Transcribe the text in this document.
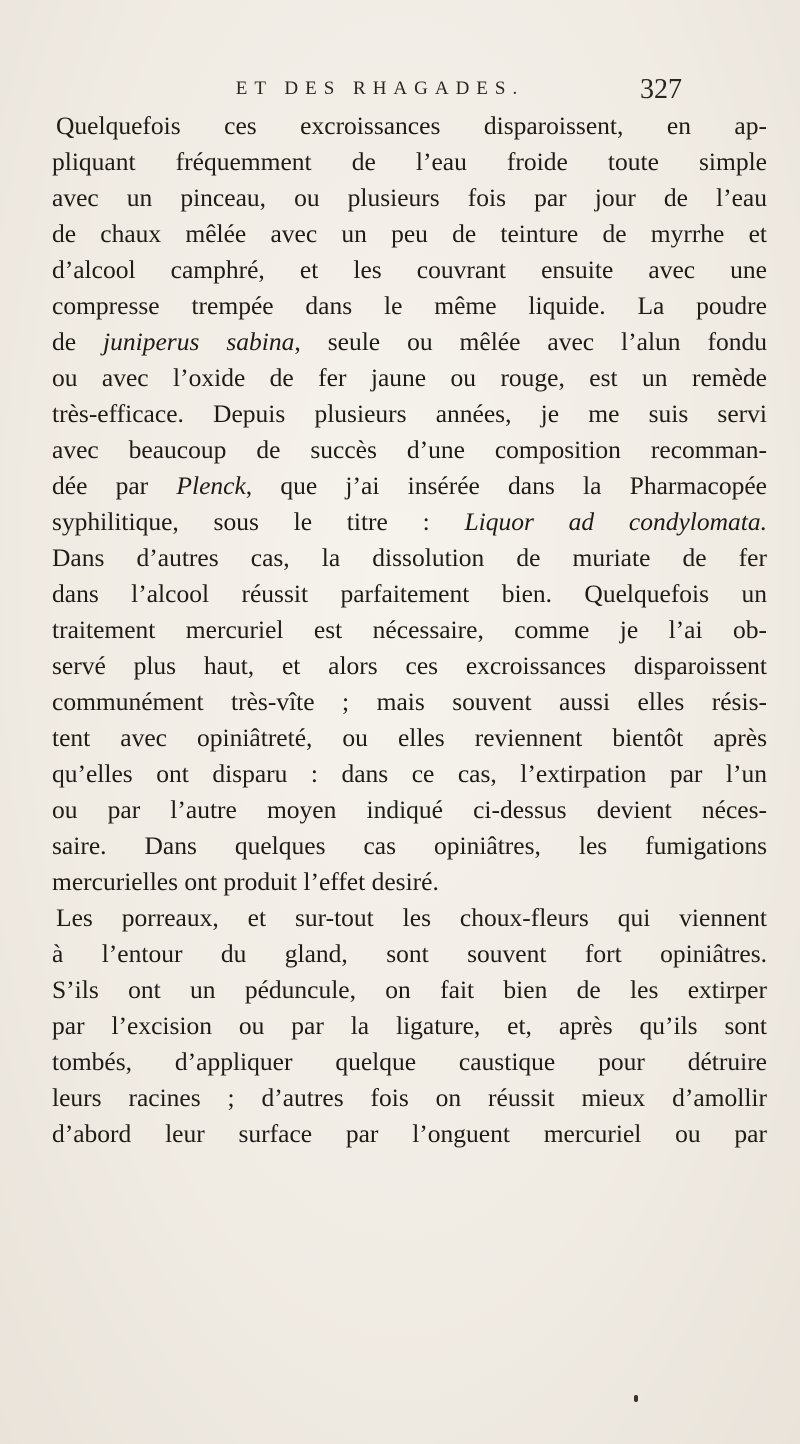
ET DES RHAGADES.	327
Quelquefois ces excroissances disparoissent, en ap-
pliquant fréquemment de l’eau froide toute simple
avec un pinceau, ou plusieurs fois par jour de l’eau
de chaux mêlée avec un peu de teinture de myrrhe et
d’alcool camphré, et les couvrant ensuite avec une
compresse trempée dans le même liquide. La poudre
de juniperus sabina, seule ou mêlée avec l’alun fondu
ou avec l’oxide de fer jaune ou rouge, est un remède
très-efficace. Depuis plusieurs années, je me suis servi
avec beaucoup de succès d’une composition recomman-
dée par Plenck, que j’ai insérée dans la Pharmacopée
syphilitique, sous le titre : Liquor ad condylomata.
Dans d’autres cas, la dissolution de muriate de fer
dans l’alcool réussit parfaitement bien. Quelquefois un
traitement mercuriel est nécessaire, comme je l’ai ob-
servé plus haut, et alors ces excroissances disparoissent
communément très-vîte ; mais souvent aussi elles résis-
tent avec opiniâtreté, ou elles reviennent bientôt après
qu’elles ont disparu : dans ce cas, l’extirpation par l’un
ou par l’autre moyen indiqué ci-dessus devient néces-
saire. Dans quelques cas opiniâtres, les fumigations
mercurielles ont produit l’effet desiré.
Les porreaux, et sur-tout les choux-fleurs qui viennent
à l’entour du gland, sont souvent fort opiniâtres.
S’ils ont un péduncule, on fait bien de les extirper
par l’excision ou par la ligature, et, après qu’ils sont
tombés, d’appliquer quelque caustique pour détruire
leurs racines ; d’autres fois on réussit mieux d’amollir
d’abord leur surface par l’onguent mercuriel ou par
